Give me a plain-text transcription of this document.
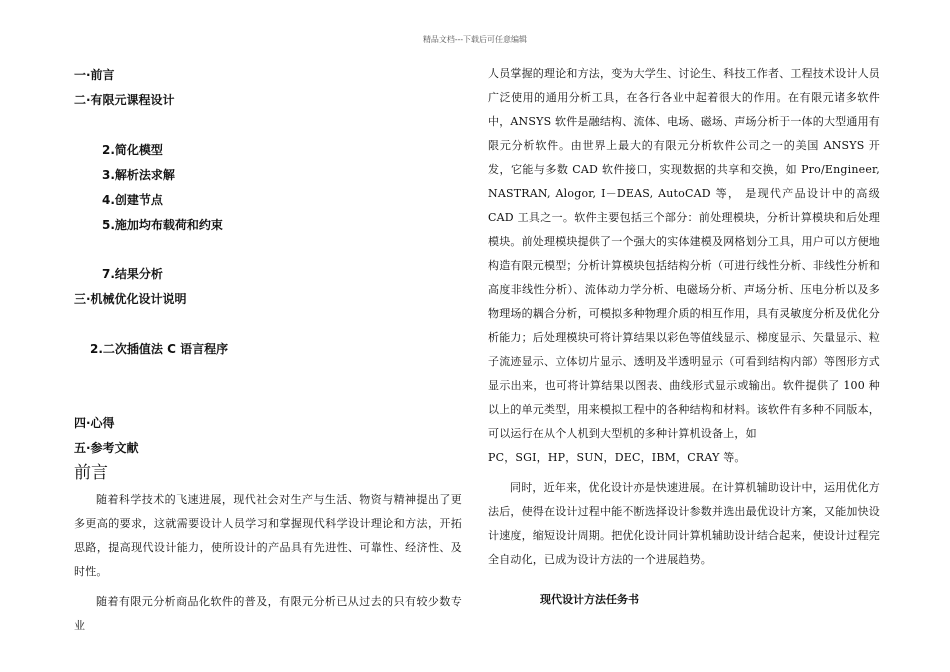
精品文档---下载后可任意编辑
一·前言
二·有限元课程设计
2.简化模型
3.解析法求解
4.创建节点
5.施加均布载荷和约束
7.结果分析
三·机械优化设计说明
2.二次插值法 C 语言程序
四·心得
五·参考文献
前言

随着科学技术的飞速进展，现代社会对生产与生活、物资与精神提出了更多更高的要求，这就需要设计人员学习和掌握现代科学设计理论和方法，开拓思路，提高现代设计能力，使所设计的产品具有先进性、可靠性、经济性、及时性。

随着有限元分析商品化软件的普及，有限元分析已从过去的只有较少数专业

人员掌握的理论和方法，变为大学生、讨论生、科技工作者、工程技术设计人员广泛使用的通用分析工具，在各行各业中起着很大的作用。在有限元诸多软件中，ANSYS 软件是融结构、流体、电场、磁场、声场分析于一体的大型通用有限元分析软件。由世界上最大的有限元分析软件公司之一的美国 ANSYS 开发，它能与多数 CAD 软件接口，实现数据的共享和交换，如 Pro/Engineer, NASTRAN, Alogor, I－DEAS, AutoCAD 等， 是现代产品设计中的高级 CAD 工具之一。软件主要包括三个部分：前处理模块，分析计算模块和后处理模块。前处理模块提供了一个强大的实体建模及网格划分工具，用户可以方便地构造有限元模型；分析计算模块包括结构分析（可进行线性分析、非线性分析和高度非线性分析）、流体动力学分析、电磁场分析、声场分析、压电分析以及多物理场的耦合分析，可模拟多种物理介质的相互作用，具有灵敏度分析及优化分析能力；后处理模块可将计算结果以彩色等值线显示、梯度显示、矢量显示、粒子流迹显示、立体切片显示、透明及半透明显示（可看到结构内部）等图形方式显示出来，也可将计算结果以图表、曲线形式显示或输出。软件提供了 100 种以上的单元类型，用来模拟工程中的各种结构和材料。该软件有多种不同版本，可以运行在从个人机到大型机的多种计算机设备上，如

PC，SGI，HP，SUN，DEC，IBM，CRAY 等。

同时，近年来，优化设计亦是快速进展。在计算机辅助设计中，运用优化方法后，使得在设计过程中能不断选择设计参数并选出最优设计方案，又能加快设计速度，缩短设计周期。把优化设计同计算机辅助设计结合起来，使设计过程完全自动化，已成为设计方法的一个进展趋势。

现代设计方法任务书
